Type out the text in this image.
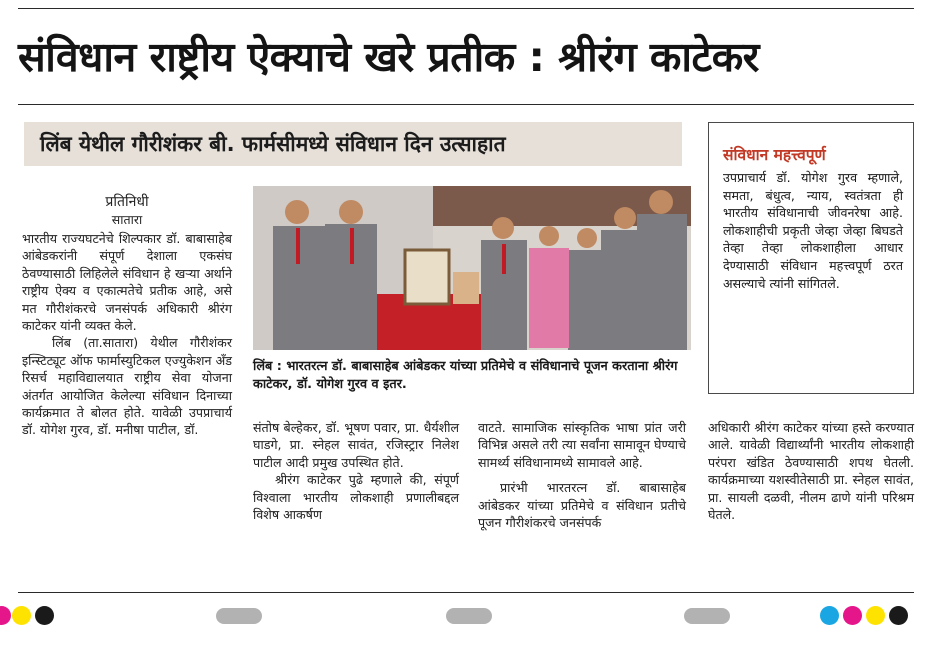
संविधान राष्ट्रीय ऐक्याचे खरे प्रतीक : श्रीरंग काटेकर
लिंब येथील गौरीशंकर बी. फार्मसीमध्ये संविधान दिन उत्साहात
प्रतिनिधी
सातारा

भारतीय राज्यघटनेचे शिल्पकार डॉ. बाबासाहेब आंबेडकरांनी संपूर्ण देशाला एकसंघ ठेवण्यासाठी लिहिलेले संविधान हे खऱ्या अर्थाने राष्ट्रीय ऐक्य व एकात्मतेचे प्रतीक आहे, असे मत गौरीशंकरचे जनसंपर्क अधिकारी श्रीरंग काटेकर यांनी व्यक्त केले.

लिंब (ता.सातारा) येथील गौरीशंकर इन्स्टिट्यूट ऑफ फार्मास्युटिकल एज्युकेशन अँड रिसर्च महाविद्यालयात राष्ट्रीय सेवा योजना अंतर्गत आयोजित केलेल्या संविधान दिनाच्या कार्यक्रमात ते बोलत होते. यावेळी उपप्राचार्य डॉ. योगेश गुरव, डॉ. मनीषा पाटील, डॉ.

लिंब : भारतरत्न डॉ. बाबासाहेब आंबेडकर यांच्या प्रतिमेचे व संविधानाचे पूजन करताना श्रीरंग काटेकर, डॉ. योगेश गुरव व इतर.
संविधान महत्त्वपूर्ण
उपप्राचार्य डॉ. योगेश गुरव म्हणाले, समता, बंधुत्व, न्याय, स्वतंत्रता ही भारतीय संविधानाची जीवनरेषा आहे. लोकशाहीची प्रकृती जेव्हा जेव्हा बिघडते तेव्हा तेव्हा लोकशाहीला आधार देण्यासाठी संविधान महत्त्वपूर्ण ठरत असल्याचे त्यांनी सांगितले.

संतोष बेल्हेकर, डॉ. भूषण पवार, प्रा. धैर्यशील घाडगे, प्रा. स्नेहल सावंत, रजिस्ट्रार निलेश पाटील आदी प्रमुख उपस्थित होते.

श्रीरंग काटेकर पुढे म्हणाले की, संपूर्ण विश्वाला भारतीय लोकशाही प्रणालीबद्दल विशेष आकर्षण

वाटते. सामाजिक सांस्कृतिक भाषा प्रांत जरी विभिन्न असले तरी त्या सर्वांना सामावून घेण्याचे सामर्थ्य संविधानामध्ये सामावले आहे.

प्रारंभी भारतरत्न डॉ. बाबासाहेब आंबेडकर यांच्या प्रतिमेचे व संविधान प्रतीचे पूजन गौरीशंकरचे जनसंपर्क

अधिकारी श्रीरंग काटेकर यांच्या हस्ते करण्यात आले. यावेळी विद्यार्थ्यांनी भारतीय लोकशाही परंपरा खंडित ठेवण्यासाठी शपथ घेतली. कार्यक्रमाच्या यशस्वीतेसाठी प्रा. स्नेहल सावंत, प्रा. सायली दळवी, नीलम ढाणे यांनी परिश्रम घेतले.
